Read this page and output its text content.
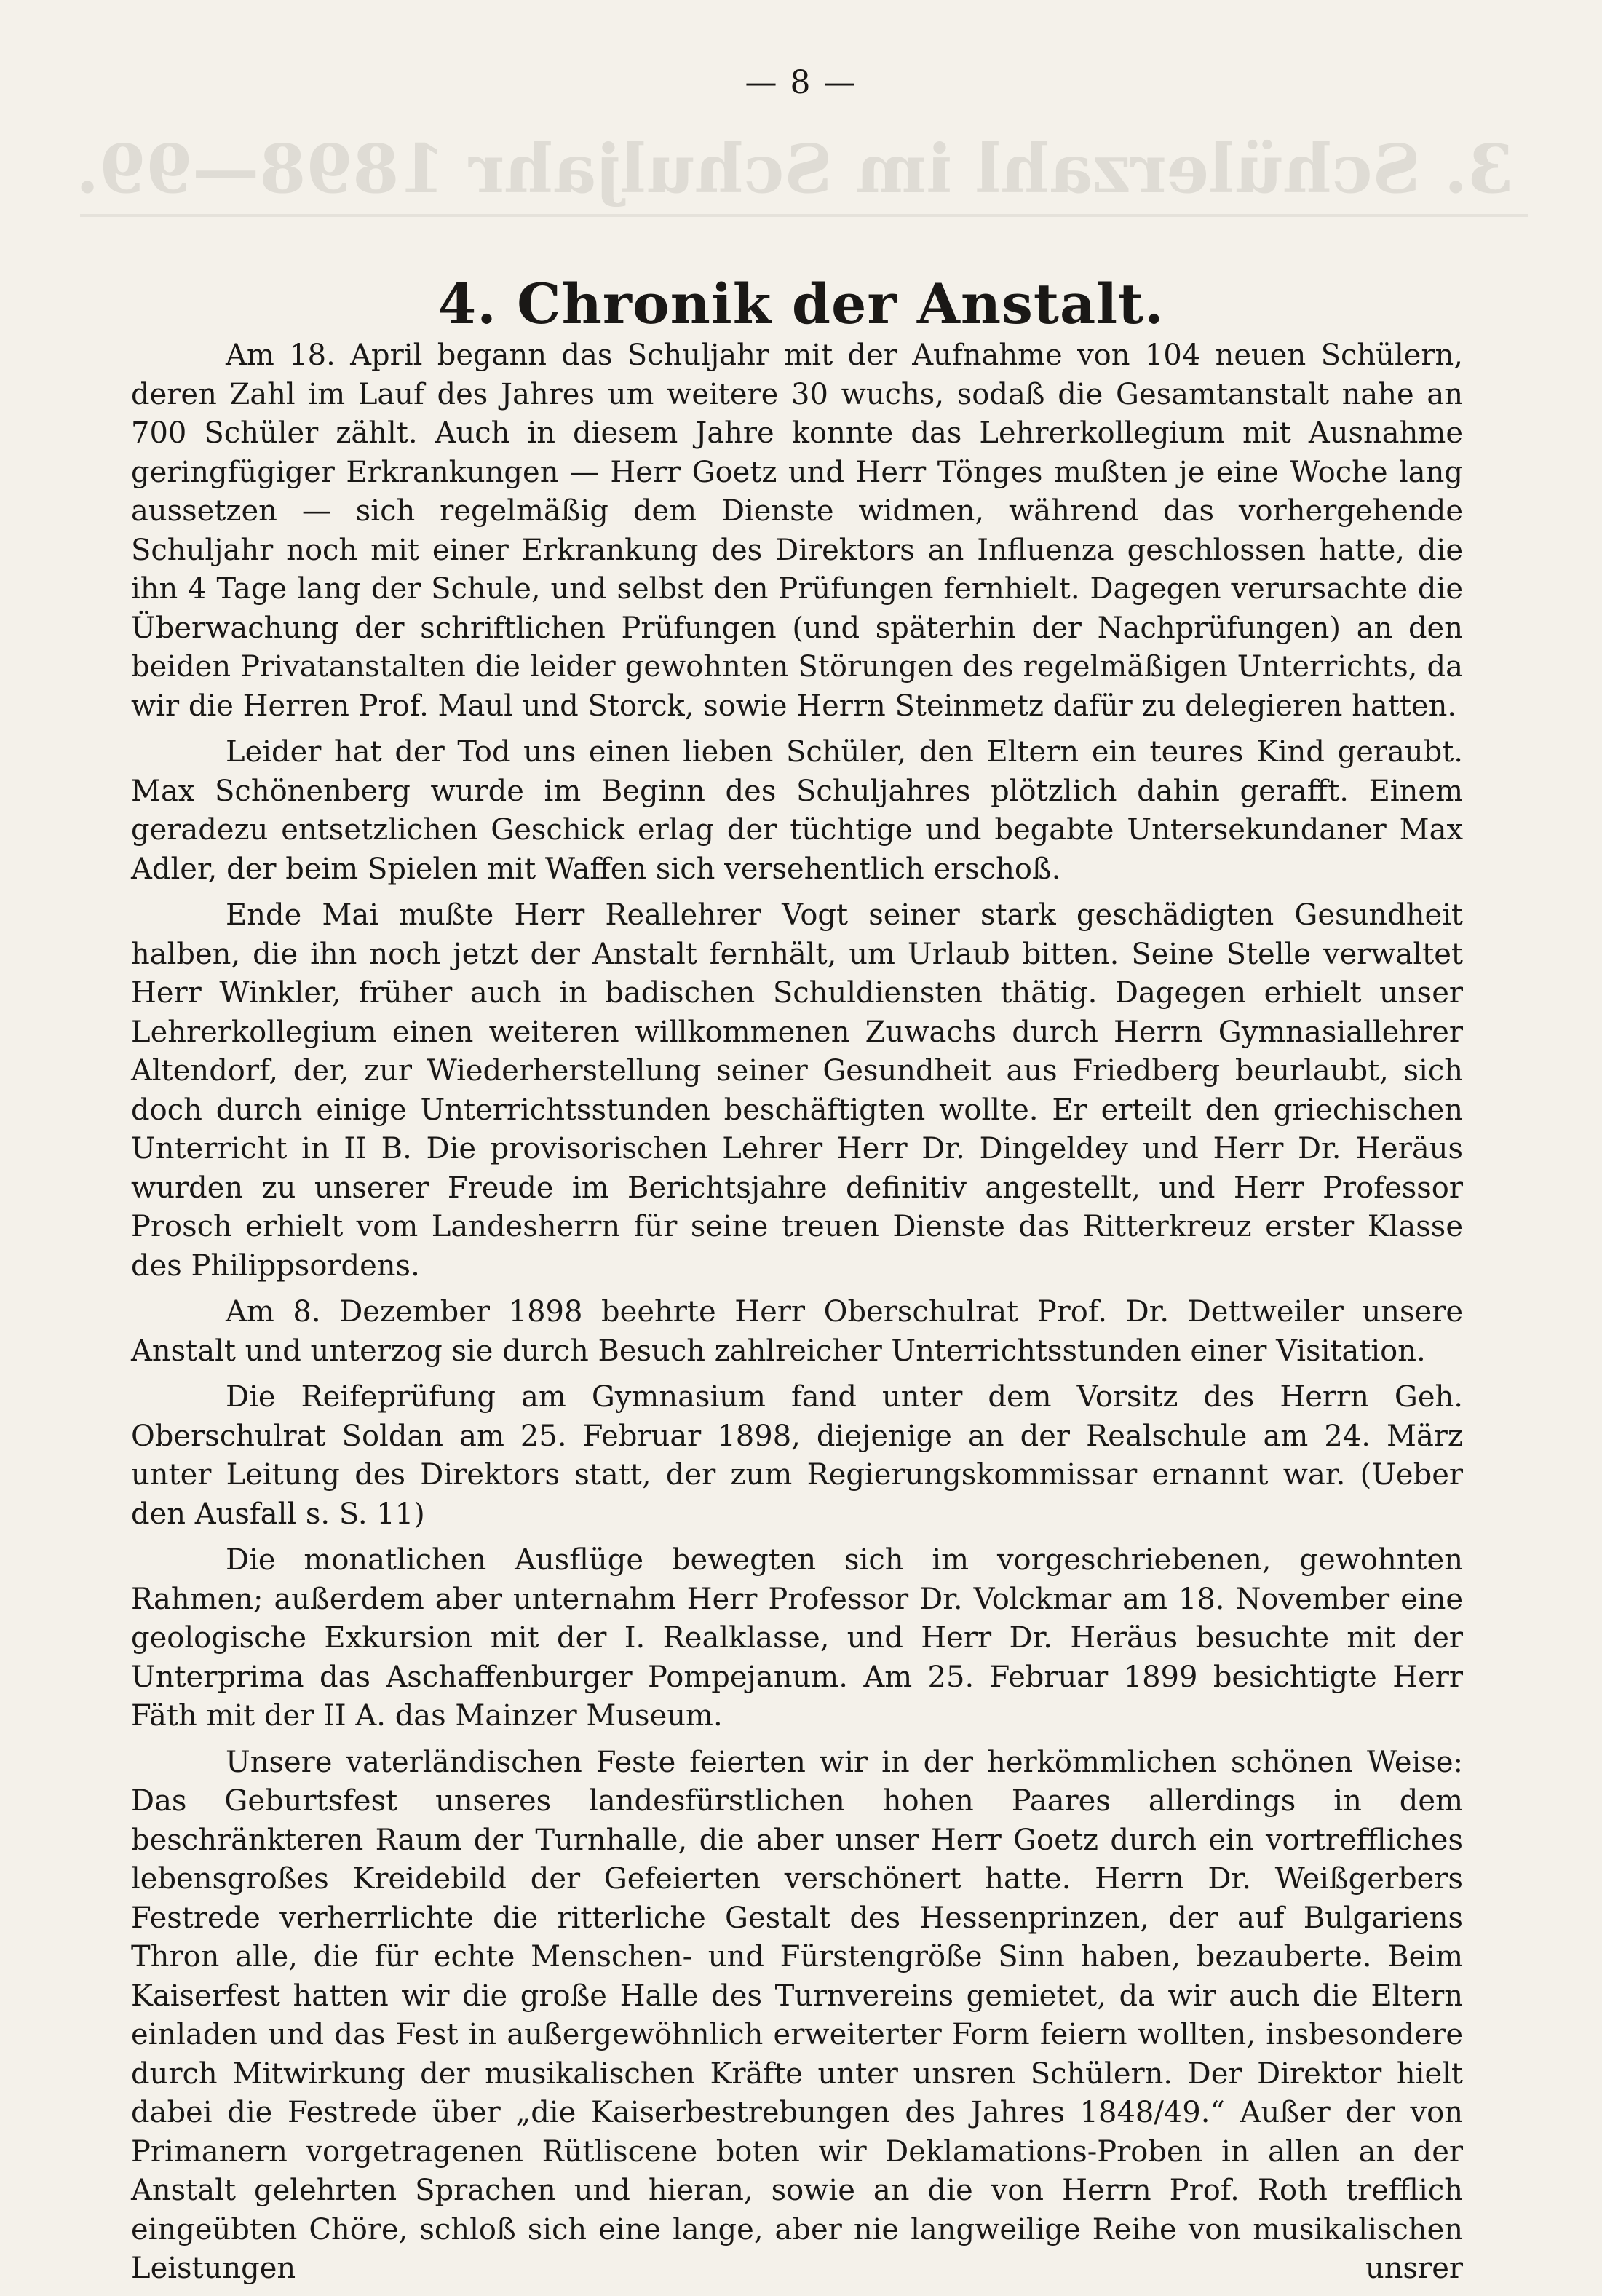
— 8 —
3. Schülerzahl im Schuljahr 1898—99.
4. Chronik der Anstalt.

Am 18. April begann das Schuljahr mit der Aufnahme von 104 neuen Schülern, deren Zahl im Lauf des Jahres um weitere 30 wuchs, sodaß die Gesamtanstalt nahe an 700 Schüler zählt. Auch in diesem Jahre konnte das Lehrerkollegium mit Ausnahme geringfügiger Erkrankungen — Herr Goetz und Herr Tönges mußten je eine Woche lang aussetzen — sich regelmäßig dem Dienste widmen, während das vorhergehende Schuljahr noch mit einer Erkrankung des Direktors an Influenza geschlossen hatte, die ihn 4 Tage lang der Schule, und selbst den Prüfungen fernhielt. Dagegen verursachte die Überwachung der schriftlichen Prüfungen (und späterhin der Nachprüfungen) an den beiden Privatanstalten die leider gewohnten Störungen des regelmäßigen Unterrichts, da wir die Herren Prof. Maul und Storck, sowie Herrn Steinmetz dafür zu delegieren hatten.

Leider hat der Tod uns einen lieben Schüler, den Eltern ein teures Kind geraubt. Max Schönenberg wurde im Beginn des Schuljahres plötzlich dahin gerafft. Einem geradezu entsetzlichen Geschick erlag der tüchtige und begabte Untersekundaner Max Adler, der beim Spielen mit Waffen sich versehentlich erschoß.

Ende Mai mußte Herr Reallehrer Vogt seiner stark geschädigten Gesundheit halben, die ihn noch jetzt der Anstalt fernhält, um Urlaub bitten. Seine Stelle verwaltet Herr Winkler, früher auch in badischen Schuldiensten thätig. Dagegen erhielt unser Lehrerkollegium einen weiteren willkommenen Zuwachs durch Herrn Gymnasiallehrer Altendorf, der, zur Wiederherstellung seiner Gesundheit aus Friedberg beurlaubt, sich doch durch einige Unterrichtsstunden beschäftigten wollte. Er erteilt den griechischen Unterricht in II B. Die provisorischen Lehrer Herr Dr. Dingeldey und Herr Dr. Heräus wurden zu unserer Freude im Berichtsjahre definitiv angestellt, und Herr Professor Prosch erhielt vom Landesherrn für seine treuen Dienste das Ritterkreuz erster Klasse des Philippsordens.

Am 8. Dezember 1898 beehrte Herr Oberschulrat Prof. Dr. Dettweiler unsere Anstalt und unterzog sie durch Besuch zahlreicher Unterrichtsstunden einer Visitation.

Die Reifeprüfung am Gymnasium fand unter dem Vorsitz des Herrn Geh. Oberschulrat Soldan am 25. Februar 1898, diejenige an der Realschule am 24. März unter Leitung des Direktors statt, der zum Regierungskommissar ernannt war. (Ueber den Ausfall s. S. 11)

Die monatlichen Ausflüge bewegten sich im vorgeschriebenen, gewohnten Rahmen; außerdem aber unternahm Herr Professor Dr. Volckmar am 18. November eine geologische Exkursion mit der I. Realklasse, und Herr Dr. Heräus besuchte mit der Unterprima das Aschaffenburger Pompejanum. Am 25. Februar 1899 besichtigte Herr Fäth mit der II A. das Mainzer Museum.

Unsere vaterländischen Feste feierten wir in der herkömmlichen schönen Weise: Das Geburtsfest unseres landesfürstlichen hohen Paares allerdings in dem beschränkteren Raum der Turnhalle, die aber unser Herr Goetz durch ein vortreffliches lebensgroßes Kreidebild der Gefeierten verschönert hatte. Herrn Dr. Weißgerbers Festrede verherrlichte die ritterliche Gestalt des Hessenprinzen, der auf Bulgariens Thron alle, die für echte Menschen- und Fürstengröße Sinn haben, bezauberte. Beim Kaiserfest hatten wir die große Halle des Turnvereins gemietet, da wir auch die Eltern einladen und das Fest in außergewöhnlich erweiterter Form feiern wollten, insbesondere durch Mitwirkung der musikalischen Kräfte unter unsren Schülern. Der Direktor hielt dabei die Festrede über „die Kaiserbestrebungen des Jahres 1848/49.“ Außer der von Primanern vorgetragenen Rütliscene boten wir Deklamations-Proben in allen an der Anstalt gelehrten Sprachen und hieran, sowie an die von Herrn Prof. Roth trefflich eingeübten Chöre, schloß sich eine lange, aber nie langweilige Reihe von musikalischen Leistungen unsrer
